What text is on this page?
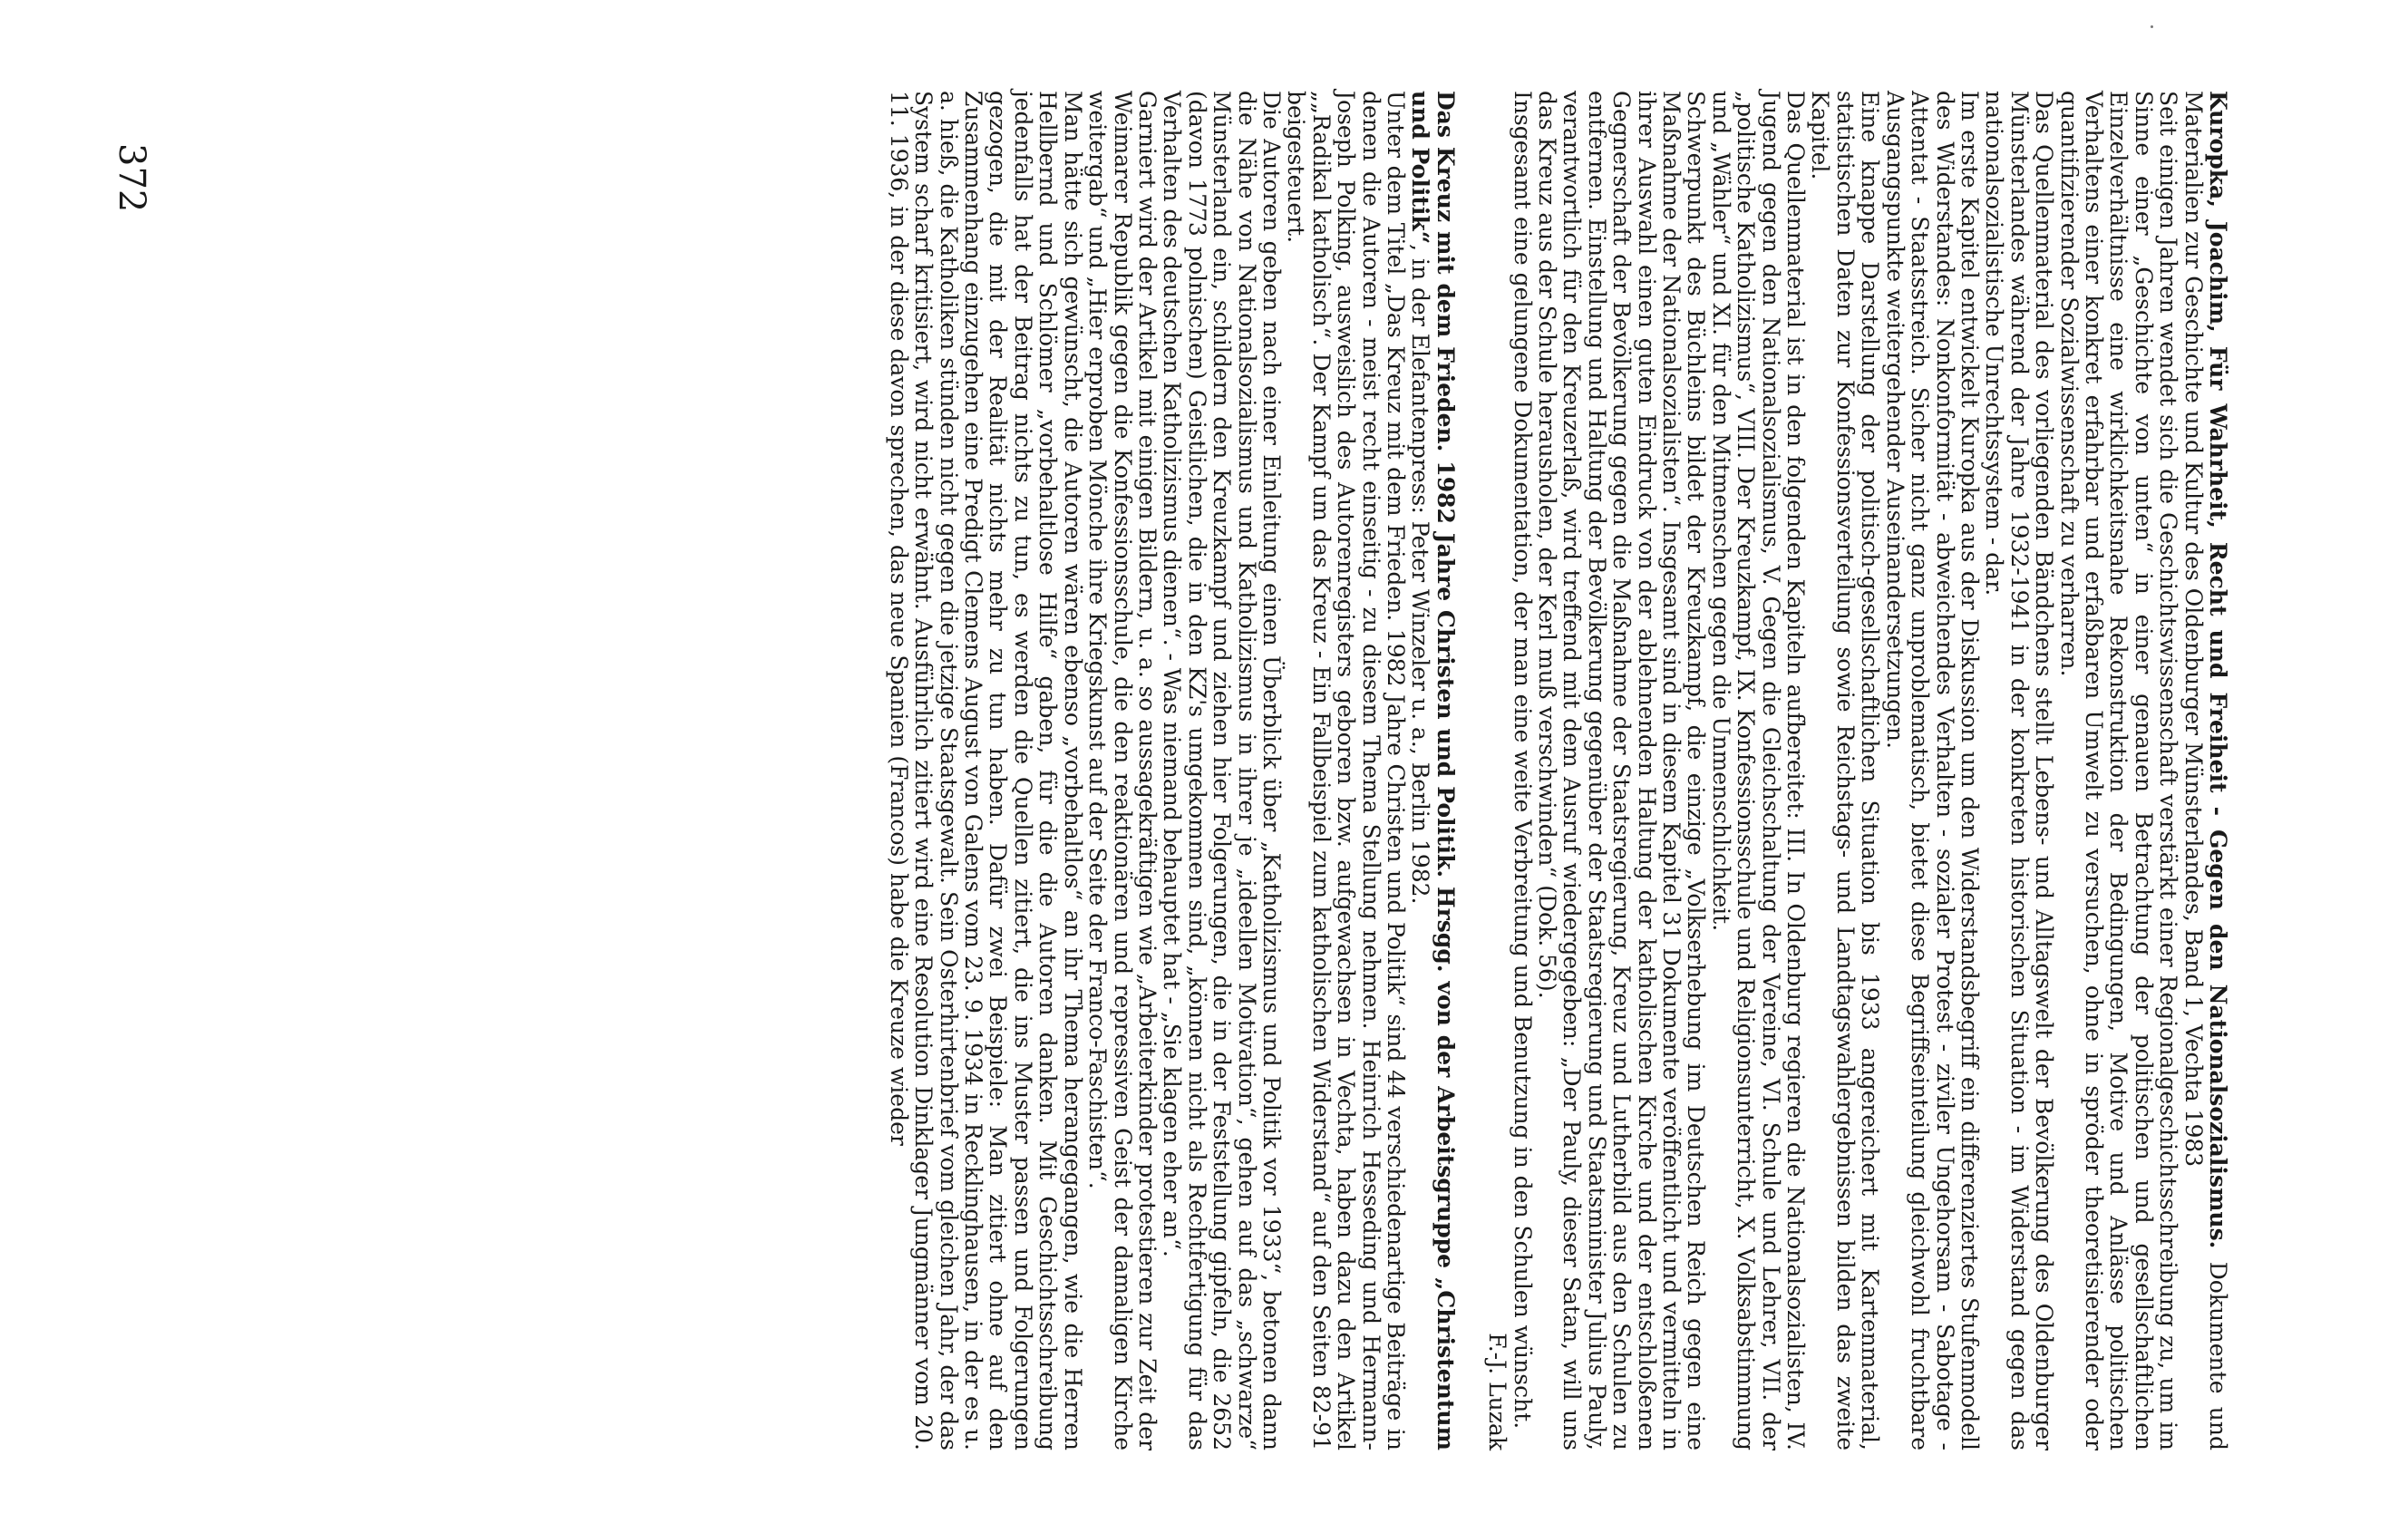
Kuropka, Joachim, Für Wahrheit, Recht und Freiheit - Gegen den Nationalsozialismus. Dokumente und Materialien zur Geschichte und Kultur des Oldenburger Münsterlandes, Band 1, Vechta 1983

Seit einigen Jahren wendet sich die Geschichtswissenschaft verstärkt einer Regionalgeschichtsschreibung zu, um im Sinne einer „Geschichte von unten“ in einer genauen Betrachtung der politischen und gesellschaftlichen Einzelverhältnisse eine wirklichkeitsnahe Rekonstruktion der Bedingungen, Motive und Anlässe politischen Verhaltens einer konkret erfahrbar und erfaßbaren Umwelt zu versuchen, ohne in spröder theoretisierender oder quantifizierender Sozialwissenschaft zu verharren.

Das Quellenmaterial des vorliegenden Bändchens stellt Lebens- und Alltagswelt der Bevölkerung des Oldenburger Münsterlandes während der Jahre 1932-1941 in der konkreten historischen Situation - im Widerstand gegen das nationalsozialistische Unrechtssystem - dar.

Im erste Kapitel entwickelt Kuropka aus der Diskussion um den Widerstandsbegriff ein differenziertes Stufenmodell des Widerstandes: Nonkonformität - abweichendes Verhalten - sozialer Protest - ziviler Ungehorsam - Sabotage - Attentat - Staatsstreich. Sicher nicht ganz unproblematisch, bietet diese Begriffseinteilung gleichwohl fruchtbare Ausgangspunkte weitergehender Auseinandersetzungen.

Eine knappe Darstellung der politisch-gesellschaftlichen Situation bis 1933 angereichert mit Kartenmaterial, statistischen Daten zur Konfessionsverteilung sowie Reichstags- und Landtagswahlergebnissen bilden das zweite Kapitel.

Das Quellenmaterial ist in den folgenden Kapiteln aufbereitet: III. In Oldenburg regieren die Nationalsozialisten, IV. Jugend gegen den Nationalsozialismus, V. Gegen die Gleichschaltung der Vereine, VI. Schule und Lehrer, VII. der „politische Katholizismus“, VIII. Der Kreuzkampf, IX. Konfessionsschule und Religionsunterricht, X. Volksabstimmung und „Wähler“ und XI. für den Mitmenschen gegen die Unmenschlichkeit.

Schwerpunkt des Büchleins bildet der Kreuzkampf, die einzige „Volkserhebung im Deutschen Reich gegen eine Maßnahme der Nationalsozialisten“. Insgesamt sind in diesem Kapitel 31 Dokumente veröffentlicht und vermitteln in ihrer Auswahl einen guten Eindruck von der ablehnenden Haltung der katholischen Kirche und der entschloßenen Gegnerschaft der Bevölkerung gegen die Maßnahme der Staatsregierung, Kreuz und Lutherbild aus den Schulen zu entfernen. Einstellung und Haltung der Bevölkerung gegenüber der Staatsregierung und Staatsminister Julius Pauly, verantwortlich für den Kreuzerlaß, wird treffend mit dem Ausruf wiedergegeben: „Der Pauly, dieser Satan, will uns das Kreuz aus der Schule herausholen, der Kerl muß verschwinden“ (Dok. 56).

Insgesamt eine gelungene Dokumentation, der man eine weite Verbreitung und Benutzung in den Schulen wünscht.

F.-J. Luzak

Das Kreuz mit dem Frieden. 1982 Jahre Christen und Politik. Hrsgg. von der Arbeitsgruppe „Christentum und Politik“, in der Elefantenpress: Peter Winzeler u. a., Berlin 1982.

Unter dem Titel „Das Kreuz mit dem Frieden. 1982 Jahre Christen und Politik“ sind 44 verschiedenartige Beiträge in denen die Autoren - meist recht einseitig - zu diesem Thema Stellung nehmen. Heinrich Hesseding und Hermann-Joseph Polking, ausweislich des Autorenregisters geboren bzw. aufgewachsen in Vechta, haben dazu den Artikel „„Radikal katholisch“. Der Kampf um das Kreuz - Ein Fallbeispiel zum katholischen Widerstand“ auf den Seiten 82-91 beigesteuert.

Die Autoren geben nach einer Einleitung einen Überblick über „Katholizismus und Politik vor 1933“, betonen dann die Nähe von Nationalsozialismus und Katholizismus in ihrer je „ideellen Motivation“, gehen auf das „schwarze“ Münsterland ein, schildern den Kreuzkampf und ziehen hier Folgerungen, die in der Feststellung gipfeln, die 2652 (davon 1773 polnischen) Geistlichen, die in den KZ's umgekommen sind, „können nicht als Rechtfertigung für das Verhalten des deutschen Katholizismus dienen“. - Was niemand behauptet hat - „Sie klagen eher an“.

Garniert wird der Artikel mit einigen Bildern, u. a. so aussagekräftigen wie „Arbeiterkinder protestieren zur Zeit der Weimarer Republik gegen die Konfessionsschule, die den reaktionären und repressiven Geist der damaligen Kirche weitergab“ und „Hier erproben Mönche ihre Kriegskunst auf der Seite der Franco-Faschisten“.

Man hätte sich gewünscht, die Autoren wären ebenso „vorbehaltlos“ an ihr Thema herangegangen, wie die Herren Hellbernd und Schlömer „vorbehaltlose Hilfe“ gaben, für die die Autoren danken. Mit Geschichtsschreibung jedenfalls hat der Beitrag nichts zu tun, es werden die Quellen zitiert, die ins Muster passen und Folgerungen gezogen, die mit der Realität nichts mehr zu tun haben. Dafür zwei Beispiele: Man zitiert ohne auf den Zusammenhang einzugehen eine Predigt Clemens August von Galens vom 23. 9. 1934 in Recklinghausen, in der es u. a. hieß, die Katholiken stünden nicht gegen die jetzige Staatsgewalt. Sein Osterhirtenbrief vom gleichen Jahr, der das System scharf kritisiert, wird nicht erwähnt. Ausführlich zitiert wird eine Resolution Dinklager Jungmänner vom 20. 11. 1936, in der diese davon sprechen, das neue Spanien (Francos) habe die Kreuze wieder

372
